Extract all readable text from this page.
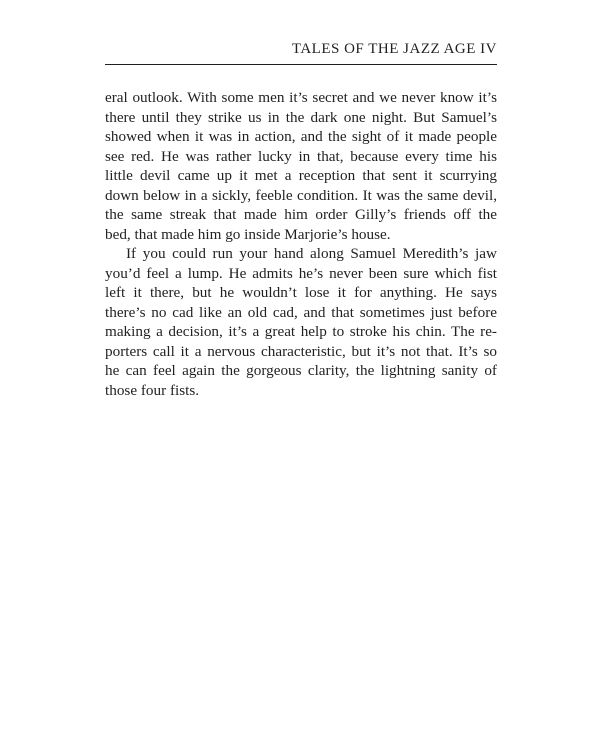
TALES OF THE JAZZ AGE IV
eral outlook. With some men it’s secret and we never know it’s
there until they strike us in the dark one night. But Samuel’s
showed when it was in action, and the sight of it made people
see red. He was rather lucky in that, because every time his
little devil came up it met a reception that sent it scurrying
down below in a sickly, feeble condition. It was the same devil,
the same streak that made him order Gilly’s friends off the
bed, that made him go inside Marjorie’s house.
If you could run your hand along Samuel Meredith’s jaw
you’d feel a lump. He admits he’s never been sure which fist
left it there, but he wouldn’t lose it for anything. He says
there’s no cad like an old cad, and that sometimes just before
making a decision, it’s a great help to stroke his chin. The re-
porters call it a nervous characteristic, but it’s not that. It’s so
he can feel again the gorgeous clarity, the lightning sanity of
those four fists.
